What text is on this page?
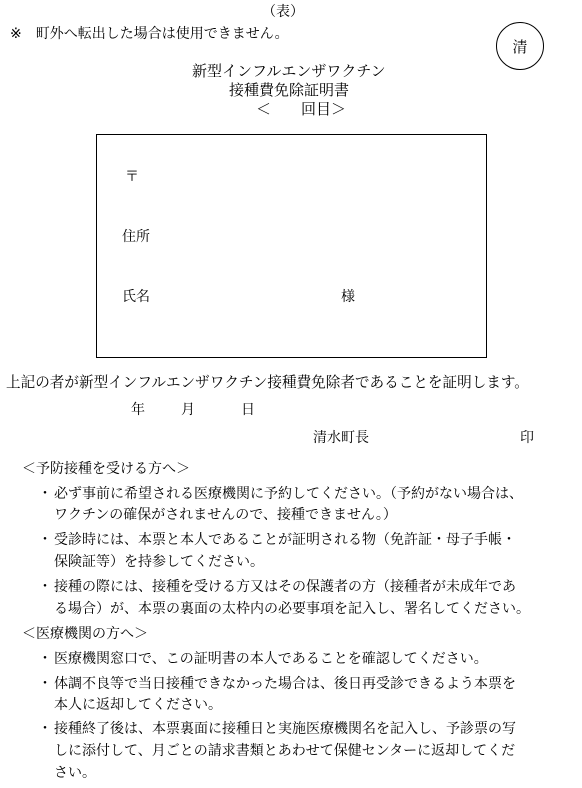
（表）
※　町外へ転出した場合は使用できません。
清
新型インフルエンザワクチン
接種費免除証明書
＜　　回目＞
〒
住所
氏名	様
上記の者が新型インフルエンザワクチン接種費免除者であることを証明します。
年	月	日
清水町長	印
＜予防接種を受ける方へ＞
・ 必ず事前に希望される医療機関に予約してください。（予約がない場合は、
ワクチンの確保がされませんので、接種できません。）
・ 受診時には、本票と本人であることが証明される物（免許証・母子手帳・
保険証等）を持参してください。
・ 接種の際には、接種を受ける方又はその保護者の方（接種者が未成年であ
る場合）が、本票の裏面の太枠内の必要事項を記入し、署名してください。
＜医療機関の方へ＞
・ 医療機関窓口で、この証明書の本人であることを確認してください。
・ 体調不良等で当日接種できなかった場合は、後日再受診できるよう本票を
本人に返却してください。
・ 接種終了後は、本票裏面に接種日と実施医療機関名を記入し、予診票の写
しに添付して、月ごとの請求書類とあわせて保健センターに返却してくだ
さい。
